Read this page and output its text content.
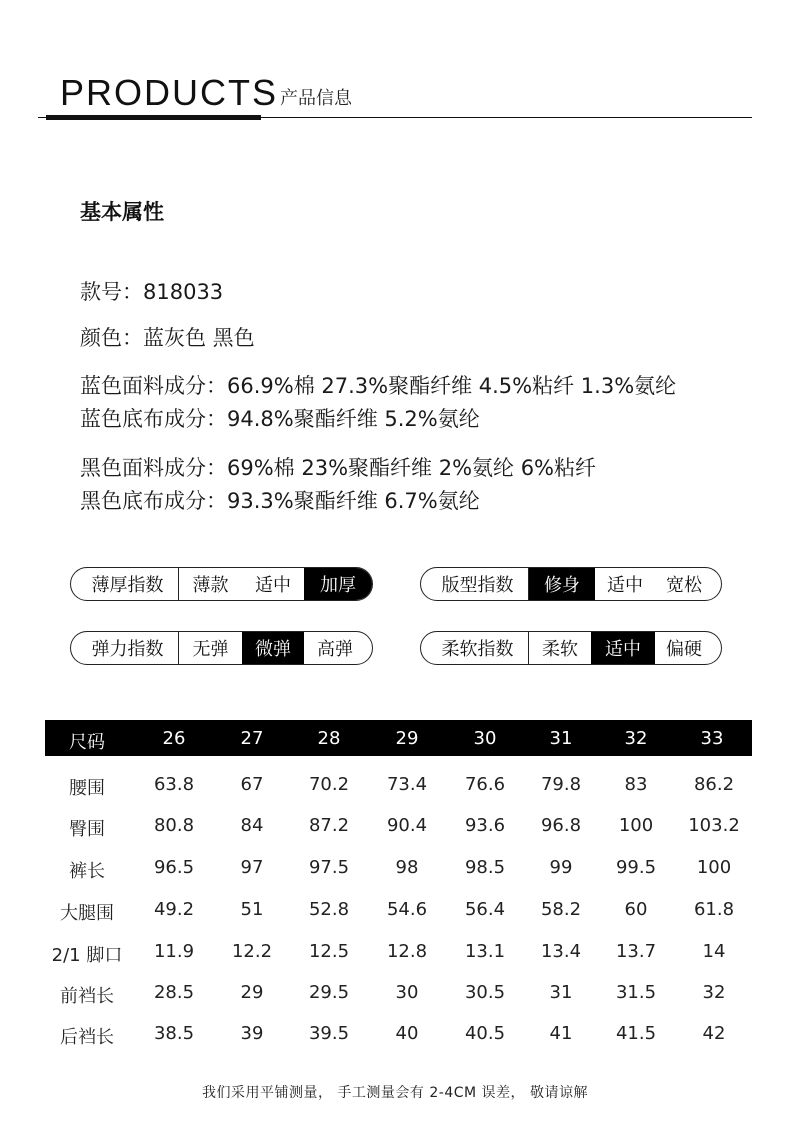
PRODUCTS 产品信息
基本属性
款号：818033
颜色：蓝灰色 黑色
蓝色面料成分：66.9%棉 27.3%聚酯纤维 4.5%粘纤 1.3%氨纶
蓝色底布成分：94.8%聚酯纤维 5.2%氨纶
黑色面料成分：69%棉 23%聚酯纤维 2%氨纶 6%粘纤
黑色底布成分：93.3%聚酯纤维 6.7%氨纶
薄厚指数	薄款	适中	加厚	版型指数	修身	适中	宽松
弹力指数	无弹	微弹	高弹	柔软指数	柔软	适中	偏硬
尺码	26	27	28	29	30	31	32	33
腰围	63.8	67	70.2 73.4 76.6 79.8 83	86.2
臀围	80.8	84	87.2 90.4 93.6 96.8 100 103.2
裤长	96.5	97	97.5	98	98.5 99 99.5 100
大腿围 49.2	51	52.8 54.6 56.4 58.2 60	61.8
2/1 脚口 11.9 12.2 12.5 12.8 13.1 13.4 13.7	14
前裆长 28.5	29	29.5	30	30.5 31 31.5	32
后裆长 38.5	39	39.5	40	40.5 41 41.5	42
我们采用平铺测量， 手工测量会有 2-4CM 误差， 敬请谅解
